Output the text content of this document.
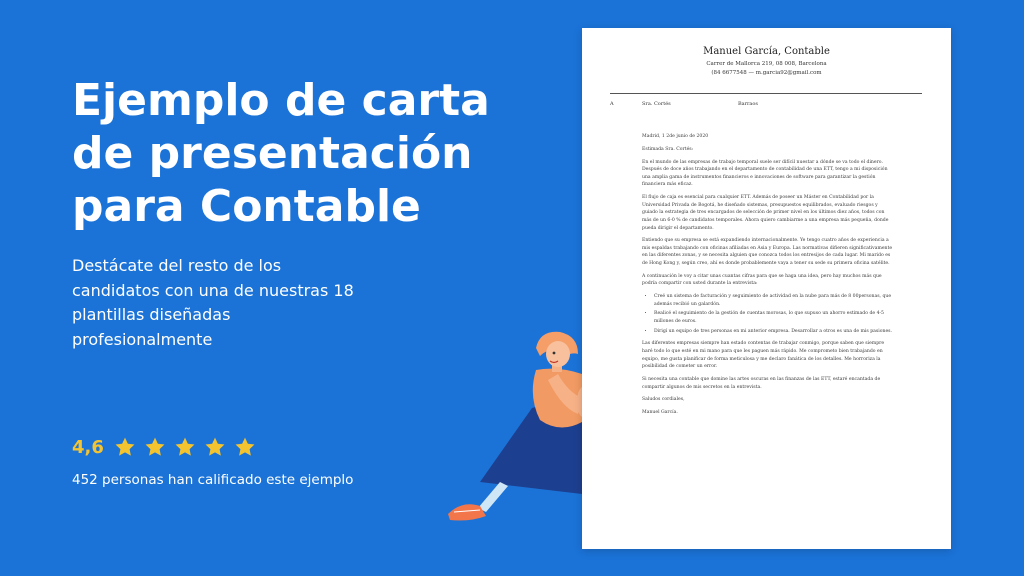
Ejemplo de carta de presentación para Contable

Destácate del resto de los candidatos con una de nuestras 18 plantillas diseñadas profesionalmente

4,6
452 personas han calificado este ejemplo
Manuel García, Contable
Carrer de Mallorca 219, 08 008, Barcelona
(84 6677548 — m.garcia92@gmail.com
A	Sra. Cortés	Barraos

Madrid, 1 2de junio de 2020

Estimada Sra. Cortés:

En el mundo de las empresas de trabajo temporal suele ser difícil nuestar a dónde se va todo el dinero. Después de doce años trabajando en el departamento de contabilidad de una ETT, tengo a mi disposición una amplia gama de instrumentos financieros e innovaciones de software para garantizar la gestión financiera más eficaz.

El flujo de caja es esencial para cualquier ETT. Además de poseer un Máster en Contabilidad por la Universidad Privada de Bogotá, he diseñado sistemas, presupuestos equilibrados, evaluado riesgos y guiado la estrategia de tres encargados de selección de primer nivel en los últimos diez años, todos con más de un 6-0 % de candidatos temporales. Ahora quiero cambiarme a una empresa más pequeña, donde pueda dirigir el departamento.

Entiendo que su empresa se está expandiendo internacionalmente. Ye tengo cuatro años de experiencia a mis espaldas trabajando con oficinas afiliadas en Asia y Europa. Las normativas difieren significativamente en las diferentes zonas, y se necesita alguien que conozca todos los entresijos de cada lugar. Mi marido es de Hong Kong y, según creo, ahí es donde probablemente vaya a tener su sede su primera oficina satélite.

A continuación le voy a citar unas cuantas cifras para que se haga una idea, pero hay muchos más que podría compartir con usted durante la entrevista:

• Creé un sistema de facturación y seguimiento de actividad en la nube para más de 8 00personas, que además recibió un galardón.
• Realicé el seguimiento de la gestión de cuentas morosas, lo que supuso un ahorro estimado de 4-5 millones de euros.
• Dirigí un equipo de tres personas en mi anterior empresa. Desarrollar a otros es una de mis pasiones.

Las diferentes empresas siempre han estado contentas de trabajar conmigo, porque saben que siempre haré todo lo que esté en mi mano para que les paguen más rápido. Me comprometo bien trabajando en equipo, me gusta planificar de forma meticulosa y me declaro fanática de los detalles. Me horroriza la posibilidad de cometer un error.

Si necesita una contable que domine las artes oscuras en las finanzas de las ETT, estaré encantada de compartir algunos de mis secretos en la entrevista.

Saludos cordiales,

Manuel García.
